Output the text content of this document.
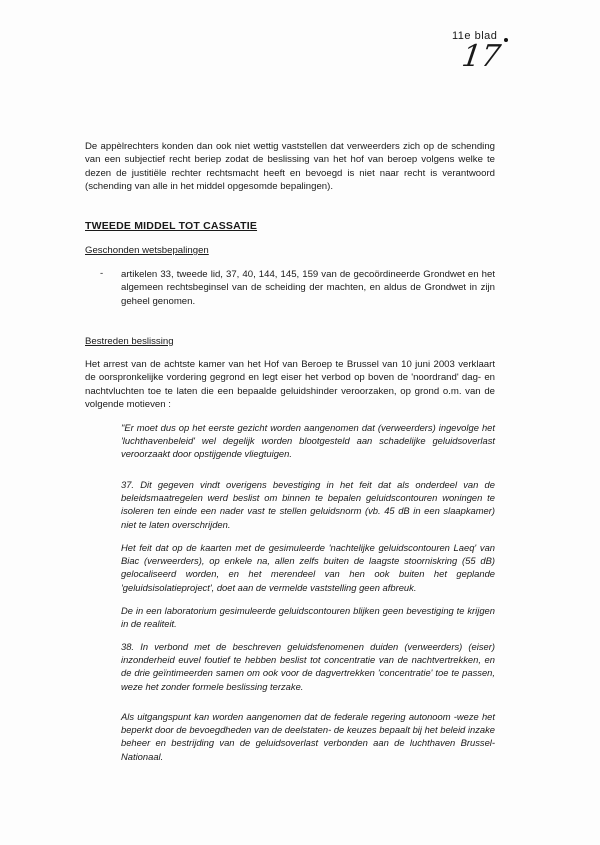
11e blad
17

De appèlrechters konden dan ook niet wettig vaststellen dat verweerders zich op de schending van een subjectief recht beriep zodat de beslissing van het hof van beroep volgens welke te dezen de justitiële rechter rechtsmacht heeft en bevoegd is niet naar recht is verantwoord (schending van alle in het middel opgesomde bepalingen).

TWEEDE MIDDEL TOT CASSATIE

Geschonden wetsbepalingen

- artikelen 33, tweede lid, 37, 40, 144, 145, 159 van de gecoördineerde Grondwet en het algemeen rechtsbeginsel van de scheiding der machten, en aldus de Grondwet in zijn geheel genomen.

Bestreden beslissing

Het arrest van de achtste kamer van het Hof van Beroep te Brussel van 10 juni 2003 verklaart de oorspronkelijke vordering gegrond en legt eiser het verbod op boven de 'noordrand' dag- en nachtvluchten toe te laten die een bepaalde geluidshinder veroorzaken, op grond o.m. van de volgende motieven :

"Er moet dus op het eerste gezicht worden aangenomen dat (verweerders) ingevolge het 'luchthavenbeleid' wel degelijk worden blootgesteld aan schadelijke geluidsoverlast veroorzaakt door opstijgende vliegtuigen.

37. Dit gegeven vindt overigens bevestiging in het feit dat als onderdeel van de beleidsmaatregelen werd beslist om binnen te bepalen geluidscontouren woningen te isoleren ten einde een nader vast te stellen geluidsnorm (vb. 45 dB in een slaapkamer) niet te laten overschrijden.

Het feit dat op de kaarten met de gesimuleerde 'nachtelijke geluidscontouren Laeq' van Biac (verweerders), op enkele na, allen zelfs buiten de laagste stoorniskring (55 dB) gelocaliseerd worden, en het merendeel van hen ook buiten het geplande 'geluidsisolatieproject', doet aan de vermelde vaststelling geen afbreuk.

De in een laboratorium gesimuleerde geluidscontouren blijken geen bevestiging te krijgen in de realiteit.

38. In verbond met de beschreven geluidsfenomenen duiden (verweerders) (eiser) inzonderheid euvel foutief te hebben beslist tot concentratie van de nachtvertrekken, en de drie geïntimeerden samen om ook voor de dagvertrekken 'concentratie' toe te passen, weze het zonder formele beslissing terzake.

Als uitgangspunt kan worden aangenomen dat de federale regering autonoom -weze het beperkt door de bevoegdheden van de deelstaten- de keuzes bepaalt bij het beleid inzake beheer en bestrijding van de geluidsoverlast verbonden aan de luchthaven Brussel-Nationaal.
